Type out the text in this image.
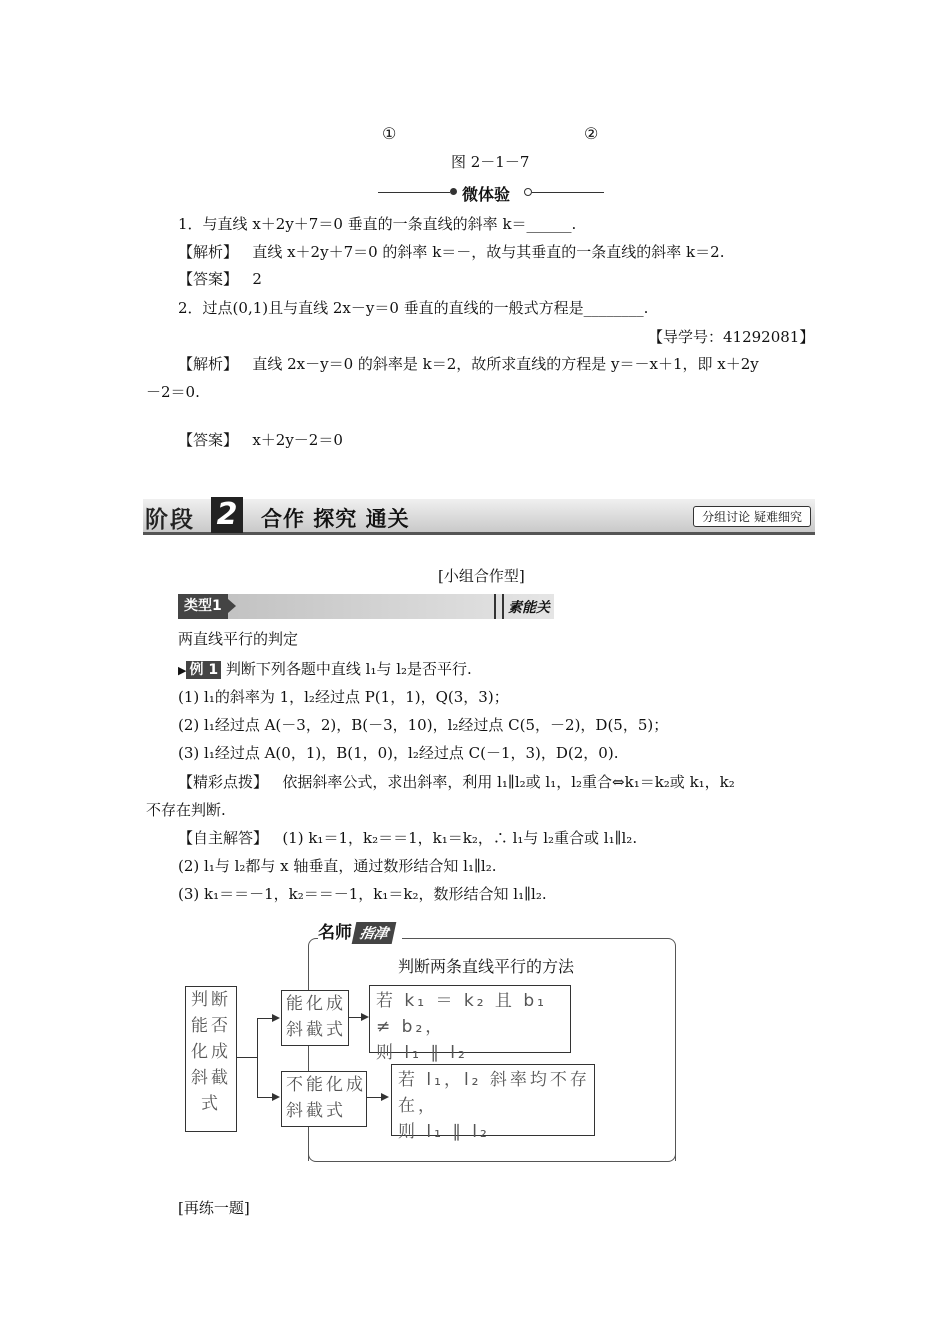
①	②
图 2－1－7
微体验
1．与直线 x＋2y＋7＝0 垂直的一条直线的斜率 k＝______.
【解析】 直线 x＋2y＋7＝0 的斜率 k＝－，故与其垂直的一条直线的斜率 k＝2.
【答案】 2
2．过点(0,1)且与直线 2x－y＝0 垂直的直线的一般式方程是________.
【导学号：41292081】
【解析】 直线 2x－y＝0 的斜率是 k＝2，故所求直线的方程是 y＝－x＋1，即 x＋2y
－2＝0.
【答案】 x＋2y－2＝0
阶段 2 合作 探究 通关	分组讨论 疑难细究
[小组合作型]
类型1	素能关
两直线平行的判定
▶ 例 1 判断下列各题中直线 l₁与 l₂是否平行.
(1) l₁的斜率为 1，l₂经过点 P(1，1)，Q(3，3)；
(2) l₁经过点 A(－3，2)，B(－3，10)，l₂经过点 C(5，－2)，D(5，5)；
(3) l₁经过点 A(0，1)，B(1，0)，l₂经过点 C(－1，3)，D(2，0).
【精彩点拨】 依据斜率公式，求出斜率，利用 l₁∥l₂或 l₁，l₂重合⇔k₁＝k₂或 k₁，k₂
不存在判断.
【自主解答】 (1) k₁＝1，k₂＝＝1，k₁＝k₂，∴ l₁与 l₂重合或 l₁∥l₂.
(2) l₁与 l₂都与 x 轴垂直，通过数形结合知 l₁∥l₂.
(3) k₁＝＝－1，k₂＝＝－1，k₁＝k₂，数形结合知 l₁∥l₂.
名师 指津
判断两条直线平行的方法
判断
能否
化成
斜截
式
能化成
斜截式
若 k₁ ＝ k₂ 且 b₁ ≠ b₂，
则 l₁ ∥ l₂
不能化成
斜截式
若 l₁，l₂ 斜率均不存在，
则 l₁ ∥ l₂
[再练一题]
